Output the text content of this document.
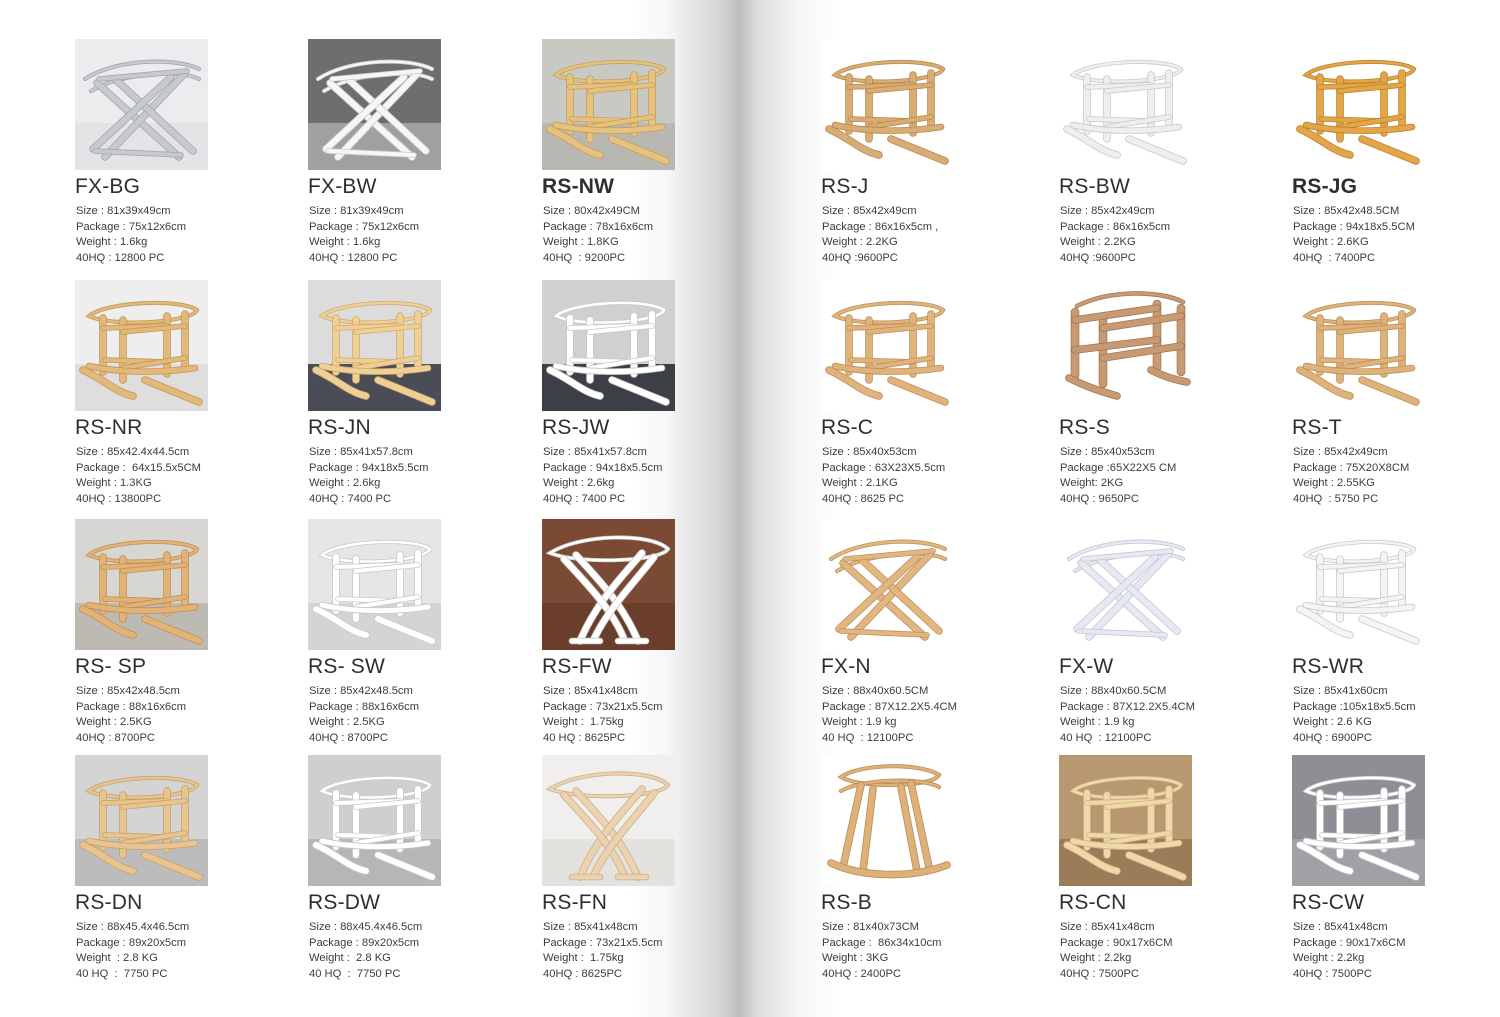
FX-BG
Size : 81x39x49cm
Package : 75x12x6cm
Weight : 1.6kg
40HQ : 12800 PC
FX-BW
Size : 81x39x49cm
Package : 75x12x6cm
Weight : 1.6kg
40HQ : 12800 PC
RS-NW
Size : 80x42x49CM
Package : 78x16x6cm
Weight : 1.8KG
40HQ  : 9200PC
RS-J
Size : 85x42x49cm
Package : 86x16x5cm ,
Weight : 2.2KG
40HQ :9600PC
RS-BW
Size : 85x42x49cm
Package : 86x16x5cm
Weight : 2.2KG
40HQ :9600PC
RS-JG
Size : 85x42x48.5CM
Package : 94x18x5.5CM
Weight : 2.6KG
40HQ  : 7400PC
RS-NR
Size : 85x42.4x44.5cm
Package :  64x15.5x5CM
Weight : 1.3KG
40HQ : 13800PC
RS-JN
Size : 85x41x57.8cm
Package : 94x18x5.5cm
Weight : 2.6kg
40HQ : 7400 PC
RS-JW
Size : 85x41x57.8cm
Package : 94x18x5.5cm
Weight : 2.6kg
40HQ : 7400 PC
RS-C
Size : 85x40x53cm
Package : 63X23X5.5cm
Weight : 2.1KG
40HQ : 8625 PC
RS-S
Size : 85x40x53cm
Package :65X22X5 CM
Weight: 2KG
40HQ : 9650PC
RS-T
Size : 85x42x49cm
Package : 75X20X8CM
Weight : 2.55KG
40HQ  : 5750 PC
RS- SP
Size : 85x42x48.5cm
Package : 88x16x6cm
Weight : 2.5KG
40HQ : 8700PC
RS- SW
Size : 85x42x48.5cm
Package : 88x16x6cm
Weight : 2.5KG
40HQ : 8700PC
RS-FW
Size : 85x41x48cm
Package : 73x21x5.5cm
Weight :  1.75kg
40 HQ : 8625PC
FX-N
Size : 88x40x60.5CM
Package : 87X12.2X5.4CM
Weight : 1.9 kg
40 HQ  : 12100PC
FX-W
Size : 88x40x60.5CM
Package : 87X12.2X5.4CM
Weight : 1.9 kg
40 HQ  : 12100PC
RS-WR
Size : 85x41x60cm
Package :105x18x5.5cm
Weight : 2.6 KG
40HQ : 6900PC
RS-DN
Size : 88x45.4x46.5cm
Package : 89x20x5cm
Weight  : 2.8 KG
40 HQ  :  7750 PC
RS-DW
Size : 88x45.4x46.5cm
Package : 89x20x5cm
Weight :  2.8 KG
40 HQ  :  7750 PC
RS-FN
Size : 85x41x48cm
Package : 73x21x5.5cm
Weight :  1.75kg
40HQ : 8625PC
RS-B
Size : 81x40x73CM
Package :  86x34x10cm
Weight : 3KG
40HQ : 2400PC
RS-CN
Size : 85x41x48cm
Package : 90x17x6CM
Weight : 2.2kg
40HQ : 7500PC
RS-CW
Size : 85x41x48cm
Package : 90x17x6CM
Weight : 2.2kg
40HQ : 7500PC
